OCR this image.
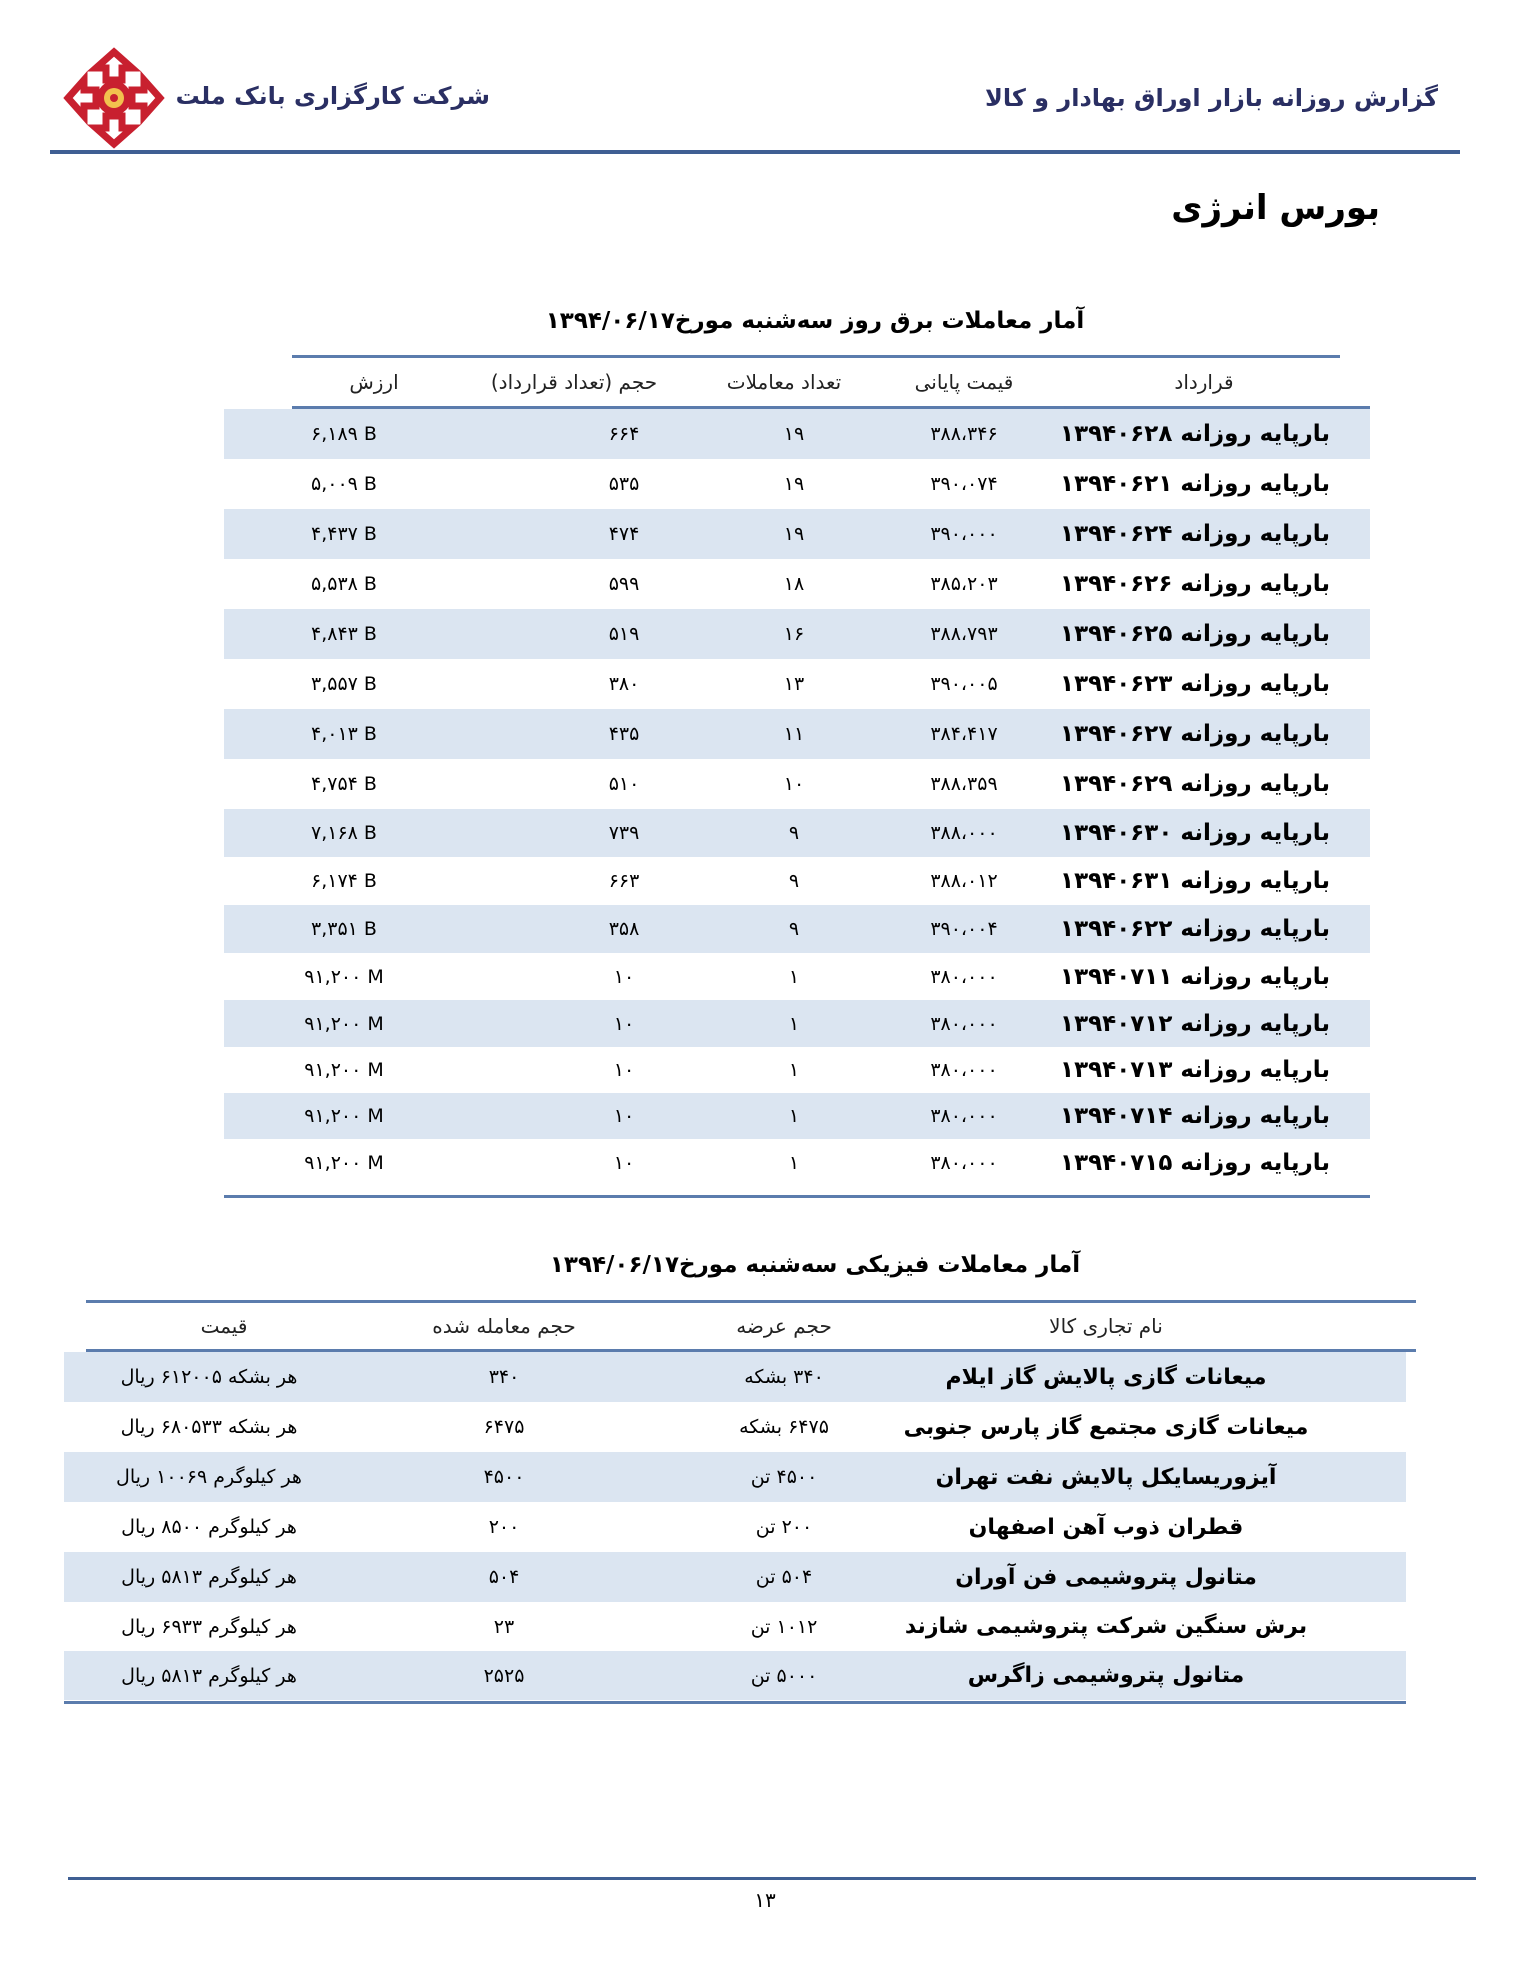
شرکت کارگزاری بانک ملت	گزارش روزانه بازار اوراق بهادار و کالا
بورس انرژی
آمار معاملات برق روز سه‌شنبه مورخ۱۳۹۴/۰۶/۱۷
قرارداد
قیمت پایانی
تعداد معاملات
حجم (تعداد قرارداد)
ارزش
بارپایه روزانه ۱۳۹۴۰۶۲۸
۳۸۸،۳۴۶
۱۹
۶۶۴
۶,۱۸۹ B
بارپایه روزانه ۱۳۹۴۰۶۲۱
۳۹۰،۰۷۴
۱۹
۵۳۵
۵,۰۰۹ B
بارپایه روزانه ۱۳۹۴۰۶۲۴
۳۹۰،۰۰۰
۱۹
۴۷۴
۴,۴۳۷ B
بارپایه روزانه ۱۳۹۴۰۶۲۶
۳۸۵،۲۰۳
۱۸
۵۹۹
۵,۵۳۸ B
بارپایه روزانه ۱۳۹۴۰۶۲۵
۳۸۸،۷۹۳
۱۶
۵۱۹
۴,۸۴۳ B
بارپایه روزانه ۱۳۹۴۰۶۲۳
۳۹۰،۰۰۵
۱۳
۳۸۰
۳,۵۵۷ B
بارپایه روزانه ۱۳۹۴۰۶۲۷
۳۸۴،۴۱۷
۱۱
۴۳۵
۴,۰۱۳ B
بارپایه روزانه ۱۳۹۴۰۶۲۹
۳۸۸،۳۵۹
۱۰
۵۱۰
۴,۷۵۴ B
بارپایه روزانه ۱۳۹۴۰۶۳۰
۳۸۸،۰۰۰
۹
۷۳۹
۷,۱۶۸ B
بارپایه روزانه ۱۳۹۴۰۶۳۱
۳۸۸،۰۱۲
۹
۶۶۳
۶,۱۷۴ B
بارپایه روزانه ۱۳۹۴۰۶۲۲
۳۹۰،۰۰۴
۹
۳۵۸
۳,۳۵۱ B
بارپایه روزانه ۱۳۹۴۰۷۱۱
۳۸۰،۰۰۰
۱
۱۰
۹۱,۲۰۰ M
بارپایه روزانه ۱۳۹۴۰۷۱۲
۳۸۰،۰۰۰
۱
۱۰
۹۱,۲۰۰ M
بارپایه روزانه ۱۳۹۴۰۷۱۳
۳۸۰،۰۰۰
۱
۱۰
۹۱,۲۰۰ M
بارپایه روزانه ۱۳۹۴۰۷۱۴
۳۸۰،۰۰۰
۱
۱۰
۹۱,۲۰۰ M
بارپایه روزانه ۱۳۹۴۰۷۱۵
۳۸۰،۰۰۰
۱
۱۰
۹۱,۲۰۰ M
آمار معاملات فیزیکی سه‌شنبه مورخ۱۳۹۴/۰۶/۱۷
نام تجاری کالا
حجم عرضه
حجم معامله شده
قیمت
میعانات گازی پالایش گاز ایلام
۳۴۰ بشکه
۳۴۰
هر بشکه ۶۱۲۰۰۵ ریال
میعانات گازی مجتمع گاز پارس جنوبی
۶۴۷۵ بشکه
۶۴۷۵
هر بشکه ۶۸۰۵۳۳ ریال
آیزوریسایکل پالایش نفت تهران
۴۵۰۰ تن
۴۵۰۰
هر کیلوگرم ۱۰۰۶۹ ریال
قطران ذوب آهن اصفهان
۲۰۰ تن
۲۰۰
هر کیلوگرم ۸۵۰۰ ریال
متانول پتروشیمی فن آوران
۵۰۴ تن
۵۰۴
هر کیلوگرم ۵۸۱۳ ریال
برش سنگین شرکت پتروشیمی شازند
۱۰۱۲ تن
۲۳
هر کیلوگرم ۶۹۳۳ ریال
متانول پتروشیمی زاگرس
۵۰۰۰ تن
۲۵۲۵
هر کیلوگرم ۵۸۱۳ ریال
۱۳
